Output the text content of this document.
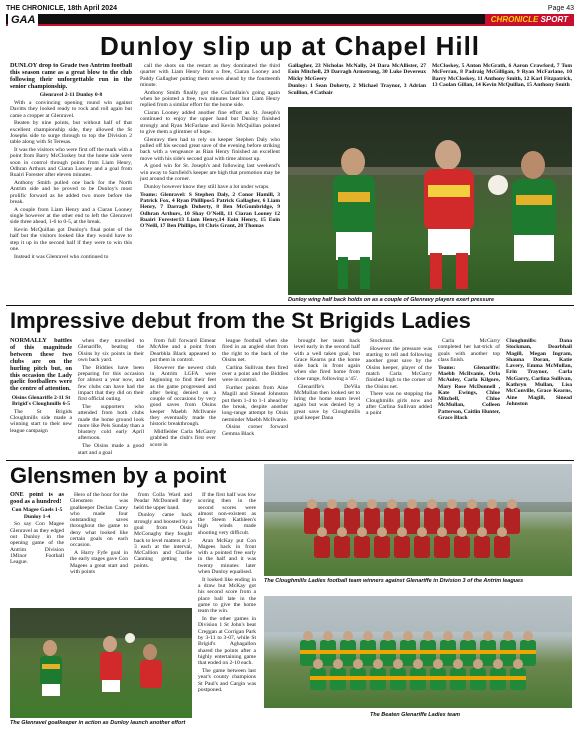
THE CHRONICLE, 18th April 2024	Page 43
GAA	CHRONICLE SPORT
Dunloy slip up at Chapel Hill

DUNLOY drop to Grade two Antrim football this season came as a great blow to the club following their unforgettable run in the senior championship.

Glenravel 2-11 Dunloy 0-8

With a convincing opening round win against Davitts they looked ready to rock and roll again but came a cropper at Glenravel.

Beaten by nine points, but without half of that excellent championship side, they allowed the St Josephs side to surge through to top the Division 2 table along with St Teresas.

It was the visitors who were first off the mark with a point from Barry McCloskey but the home side were soon in control through points from Liam Henry, Odhran Arthurs and Ciaran Looney and a goal from Ruairi Forester after eleven minutes.

Anthony Smith pulled one back for the North Antrim side and he proved to be Dunloy's most prolific forward as he added two more before the break.

A couple from Liam Henry and a Ciaran Looney single however at the other end to left the Glenravel side three ahead, 1-6 to 0-5, at the break.

Kevin McQuillan got Dunloy's final point of the half but the visitors looked like they would have to step it up in the second half if they were to win this one.

Instead it was Glenravel who continued to

call the shots on the restart as they dominated the third quarter with Liam Henry from a free, Ciaran Looney and Paddy Gallagher putting them seven ahead by the fourteenth minute.

Anthony Smith finally got the Cuchullain's going again when he pointed a free, two minutes later but Liam Henry replied from a similar effort for the home side.

Ciaran Looney added another fine effort as St. Joseph's continued to enjoy the upper hand but Dunloy finished strongly and Ryan McFarlane and Kevin McQuillan pointed to give them a glimmer of hope.

Glenravy then had to rely on keeper Stephen Daly who pulled off his second great save of the evening before striking back with a vengeance as Rian Henry finished an excellent move with his side's second goal with time almost up.

A good win for St. Joseph's and following last weekend's win away to Sarsfield's keeper are high that promotion may be just around the corner.

Dunloy however know they still have a lot under wraps.

Teams: Glenravel: S Stephen Daly, 2 Conor Hamill, 3 Patrick Fox, 4 Ryan Phillipos5 Patrick Gallagher, 6 Liam Henry, 7 Darragh Doherty, 8 Ben McGumbridge, 9 Odhran Arthurs, 10 Shay O'Neill, 11 Ciaran Looney 12 Ruairi Forester13 Liam Henry,14 Eoin Henry, 15 Eoin O'Neill, 17 Ben Phillips, 18 Chris Grant, 20 Thomas

Gallagher, 23 Nicholas McNally, 24 Dara McAllister, 27 Eoin Mitchell, 29 Darragh Armstrong, 30 Luke Devereux Micky McGeery

Dunloy: 1 Sean Doherty, 2 Michael Traynor, 3 Adrian Scullion, 4 Cathair

McCloskey, 5 Anton McGrath, 6 Aaron Crawford, 7 Tom McFerran, 8 Padraig McGilligan, 9 Ryan McFarlane, 10 Barry McCloskey, 11 Anthony Smith, 12 Karl Fitzpatrick, 13 Caolan Gillan, 14 Kevin McQuillan, 15 Anthony Smith

Dunloy wing half back holds on as a couple of Glenravy players exert pressure
Impressive debut from the St Brigids Ladies

NORMALLY battles of this magnitude between these two clubs are on the hurling pitch but, on this occasion the Lady gaelic footballers were the centre of attention.

Oisins Glenariffe 2-11 St Brigid's Cloughmills 6-5

The St Brigids Cloughmills side made a winning start to their new league campaign

when they travelled to Glenariffe, beating the Oisins by six points in their own back yard.

The Biddies have been preparing for this occasion for almost a year now, and few clubs can have had the impact that they did on their first official outing.

The supporters who attended from both clubs made the home ground look more like Pels Sunday than a blustery cold early April afternoon.

The Oisins made a good start and a goal

from full forward Eimear McAfee and a point from Dearbhla Black appeared to put them in control.

However the newest club in Antrim LGFA were beginning to find their feet as the game progressed and after being denied on a couple of occasions by very good saves from Oisins keeper Maebh McIlvanie they eventually made the historic breakthrough.

Midfielder Carla McGarry grabbed the club's first ever score in

league football when she fired in an angled shot from the right to the back of the Oisins net.

Carlina Sullivan then fired over a point and the Biddies were in control.

Further points from Aine Magill and Sinead Johnston put them 1-4 to 1-1 ahead by the break, despite another long-range attempt by Oisin netminder Maebh McIlvanie.

Oisins corner forward Gemma Black

brought her team back level early in the second half with a well taken goal, but Grace Kearns put the home side back in front again when she fired home from close range, following a '45'.

Glenariffe's DeVila McMullan then looked set to bring the home team level again but was denied by a great save by Cloughmills goal keeper Dana

Stockman.

However the pressure was starting to tell and following another great save by the Oisins keeper, player of the match Carla McGarry finished high to the corner of the Oisins net.

There was no stopping the Cloughmills girls now and after Carlina Sullivan added a point

Carla McGarry completed her hat-trick of goals with another top class finish.

Teams: Glenariffe: Maebh McIlvanie, Orla McAuley, Carla Kilgore, Mary Rose McDonnell , Kate Ewings, Chloe Mitchell, Chloe McMullan, Colleen Patterson, Caitlin Hunter, Grace Black

Cloughmills: Dana Stockman, Dearbhail Magill, Megan Ingram, Shauna Doran, Katie Lavery, Emma McMullan, Erin Traynor, Carla McGarry, Carlina Sullivan, Kathryn Mullan, Lisa McConville, Grace Kearns, Aine Magill, Sinead Johnston

Glensmen by a point

ONE point is as good as a hundred!

Con Magee Gaels 1-5 Dunloy 1-4

So say Con Magee Glenravel as they edged out Dunloy in the opening game of the Antrim Division 1Minor Football League.

Hero of the hour for the Glensmen was goalkeeper Declan Carey who made four outstanding saves throughout the game to deny what looked like certain goals on each occasion.

A Harry Fyfe goal in the early stages gave Con Magees a great start and with points

from Colla Ward and Peadar McDonnell they held the upper hand.

Dunloy came back strongly and boosted by a goal from Oisin McConaghy they fought back to level matters at 1-3 each at the interval, McCallion and Charlie Canning getting the points.

If the first half was low scoring then in the second scores were almost non-existent as the Steem Kathleen's high winds made shooting very difficult.

Aran McKay put Con Magees back in front with a pointed free early in the half and it was twenty minutes later when Dunloy equalised.

It looked like ending in a draw but McKay got his second score from a place ball late in the game to give the home team the win.

In the other games in Division 1 St John's beat Creggan at Corrigan Park by 3-11 to 3-07, while St Brigid's Aghagallon shared the points after a highly entertaining game that ended on 2-10 each.

The game between last year's county champions St Paul's and Cargin was postponed.

The Glenravel goalkeeper in action as Dunloy launch another effort
The Cloughmills Ladies football team winners against Glenariffe in Division 3 of the Antrim leagues
The Beaten Glenariffe Ladies team
